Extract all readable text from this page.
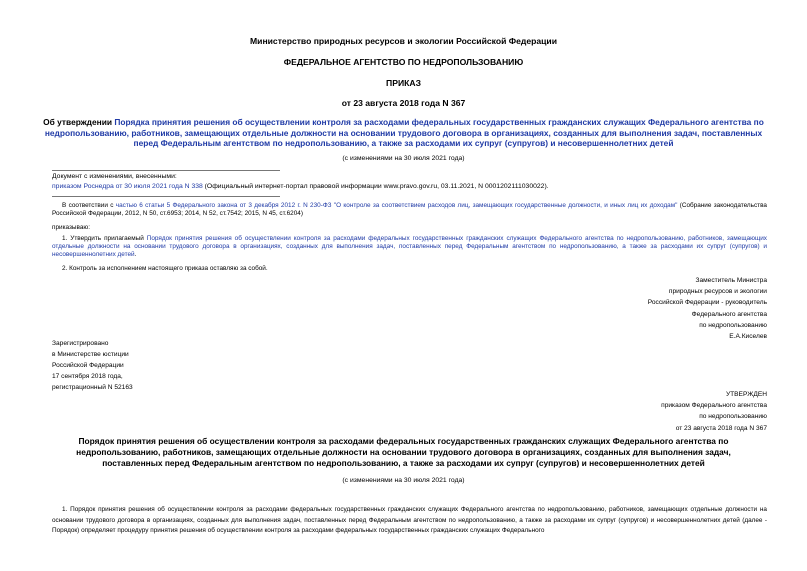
Министерство природных ресурсов и экологии Российской Федерации
ФЕДЕРАЛЬНОЕ АГЕНТСТВО ПО НЕДРОПОЛЬЗОВАНИЮ
ПРИКАЗ
от 23 августа 2018 года N 367
Об утверждении Порядка принятия решения об осуществлении контроля за расходами федеральных государственных гражданских служащих Федерального агентства по недропользованию, работников, замещающих отдельные должности на основании трудового договора в организациях, созданных для выполнения задач, поставленных перед Федеральным агентством по недропользованию, а также за расходами их супруг (супругов) и несовершеннолетних детей
(с изменениями на 30 июля 2021 года)
Документ с изменениями, внесенными:
приказом Роснедра от 30 июля 2021 года N 338 (Официальный интернет-портал правовой информации www.pravo.gov.ru, 03.11.2021, N 0001202111030022).
В соответствии с частью 6 статьи 5 Федерального закона от 3 декабря 2012 г. N 230-ФЗ "О контроле за соответствием расходов лиц, замещающих государственные должности, и иных лиц их доходам" (Собрание законодательства Российской Федерации, 2012, N 50, ст.6953; 2014, N 52, ст.7542; 2015, N 45, ст.6204)
приказываю:
1. Утвердить прилагаемый Порядок принятия решения об осуществлении контроля за расходами федеральных государственных гражданских служащих Федерального агентства по недропользованию, работников, замещающих отдельные должности на основании трудового договора в организациях, созданных для выполнения задач, поставленных перед Федеральным агентством по недропользованию, а также за расходами их супруг (супругов) и несовершеннолетних детей.
2. Контроль за исполнением настоящего приказа оставляю за собой.
Заместитель Министра
природных ресурсов и экологии
Российской Федерации - руководитель
Федерального агентства
по недропользованию
Е.А.Киселев
Зарегистрировано
в Министерстве юстиции
Российской Федерации
17 сентября 2018 года,
регистрационный N 52163
УТВЕРЖДЕН
приказом Федерального агентства
по недропользованию
от 23 августа 2018 года N 367
Порядок принятия решения об осуществлении контроля за расходами федеральных государственных гражданских служащих Федерального агентства по недропользованию, работников, замещающих отдельные должности на основании трудового договора в организациях, созданных для выполнения задач, поставленных перед Федеральным агентством по недропользованию, а также за расходами их супруг (супругов) и несовершеннолетних детей
(с изменениями на 30 июля 2021 года)
1. Порядок принятия решения об осуществлении контроля за расходами федеральных государственных гражданских служащих Федерального агентства по недропользованию, работников, замещающих отдельные должности на основании трудового договора в организациях, созданных для выполнения задач, поставленных перед Федеральным агентством по недропользованию, а также за расходами их супруг (супругов) и несовершеннолетних детей (далее - Порядок) определяет процедуру принятия решения об осуществлении контроля за расходами федеральных государственных гражданских служащих Федерального
